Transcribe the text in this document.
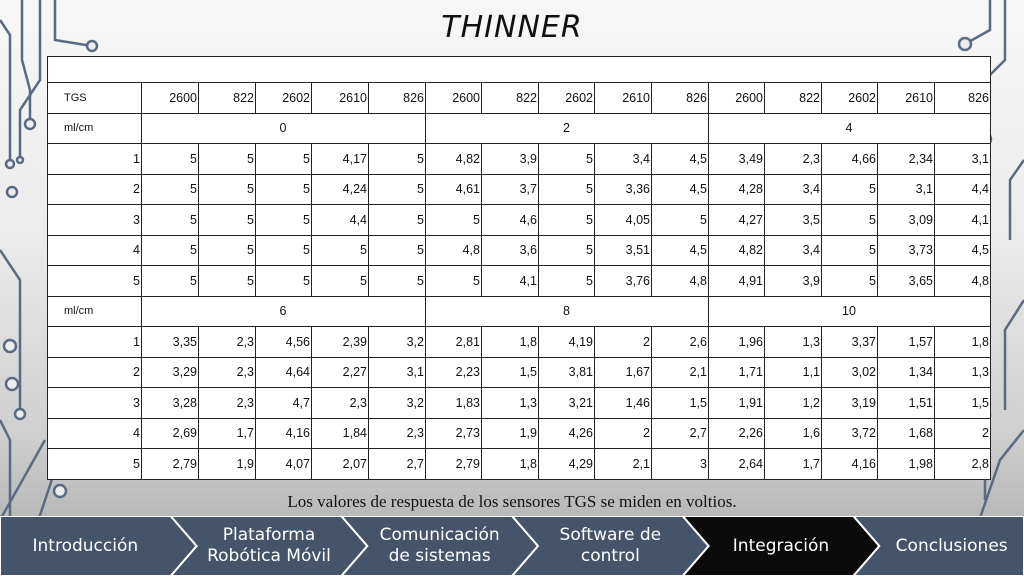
THINNER

TGS	2600	822	2602	2610	826	2600	822	2602	2610	826	2600	822	2602	2610	826
ml/cm	0					2					4				
1	5	5	5	4,17	5	4,82	3,9	5	3,4	4,5	3,49	2,3	4,66	2,34	3,1
2	5	5	5	4,24	5	4,61	3,7	5	3,36	4,5	4,28	3,4	5	3,1	4,4
3	5	5	5	4,4	5	5	4,6	5	4,05	5	4,27	3,5	5	3,09	4,1
4	5	5	5	5	5	4,8	3,6	5	3,51	4,5	4,82	3,4	5	3,73	4,5
5	5	5	5	5	5	5	4,1	5	3,76	4,8	4,91	3,9	5	3,65	4,8
ml/cm	6					8					10				
1	3,35	2,3	4,56	2,39	3,2	2,81	1,8	4,19	2	2,6	1,96	1,3	3,37	1,57	1,8
2	3,29	2,3	4,64	2,27	3,1	2,23	1,5	3,81	1,67	2,1	1,71	1,1	3,02	1,34	1,3
3	3,28	2,3	4,7	2,3	3,2	1,83	1,3	3,21	1,46	1,5	1,91	1,2	3,19	1,51	1,5
4	2,69	1,7	4,16	1,84	2,3	2,73	1,9	4,26	2	2,7	2,26	1,6	3,72	1,68	2
5	2,79	1,9	4,07	2,07	2,7	2,79	1,8	4,29	2,1	3	2,64	1,7	4,16	1,98	2,8
Los valores de respuesta de los sensores TGS se miden en voltios.
Introducción
Plataforma Robótica Móvil
Comunicación de sistemas
Software de control
Integración	Conclusiones
